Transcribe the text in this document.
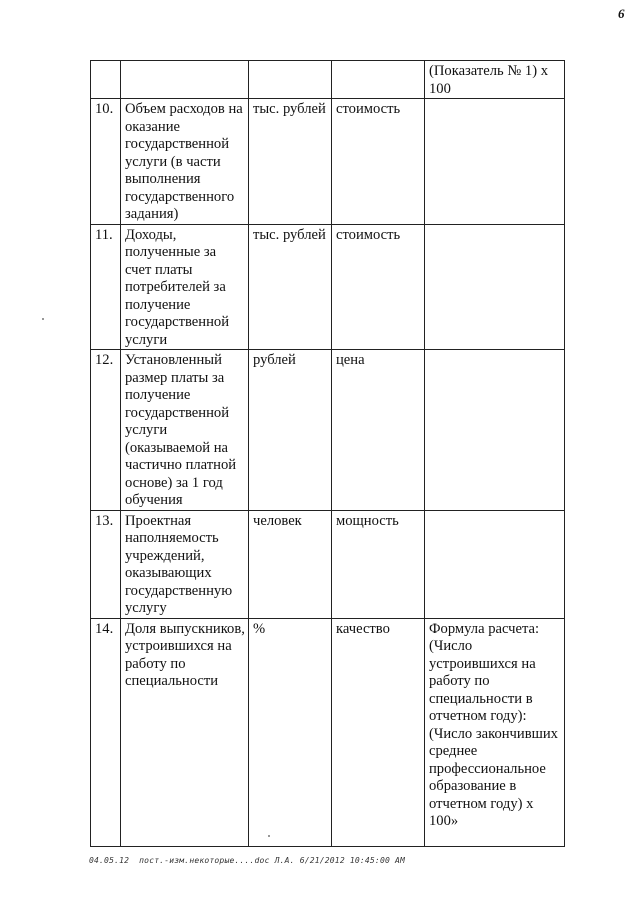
6
				(Показатель № 1) x 100
10.	Объем расходов на оказание государственной услуги (в части выполнения государственного задания)	тыс. рублей	стоимость	
11.	Доходы, полученные за счет платы потребителей за получение государственной услуги	тыс. рублей	стоимость	
12.	Установленный размер платы за получение государственной услуги (оказываемой на частично платной основе) за 1 год обучения	рублей	цена	
13.	Проектная наполняемость учреждений, оказывающих государственную услугу	человек	мощность	
14.	Доля выпускников, устроившихся на работу по специальности	%	качество	Формула расчета: (Число устроившихся на работу по специальности в отчетном году): (Число закончивших среднее профессиональное образование в отчетном году) x 100»
04.05.12  пост.-изм.некоторые....doc Л.А. 6/21/2012 10:45:00 AM
